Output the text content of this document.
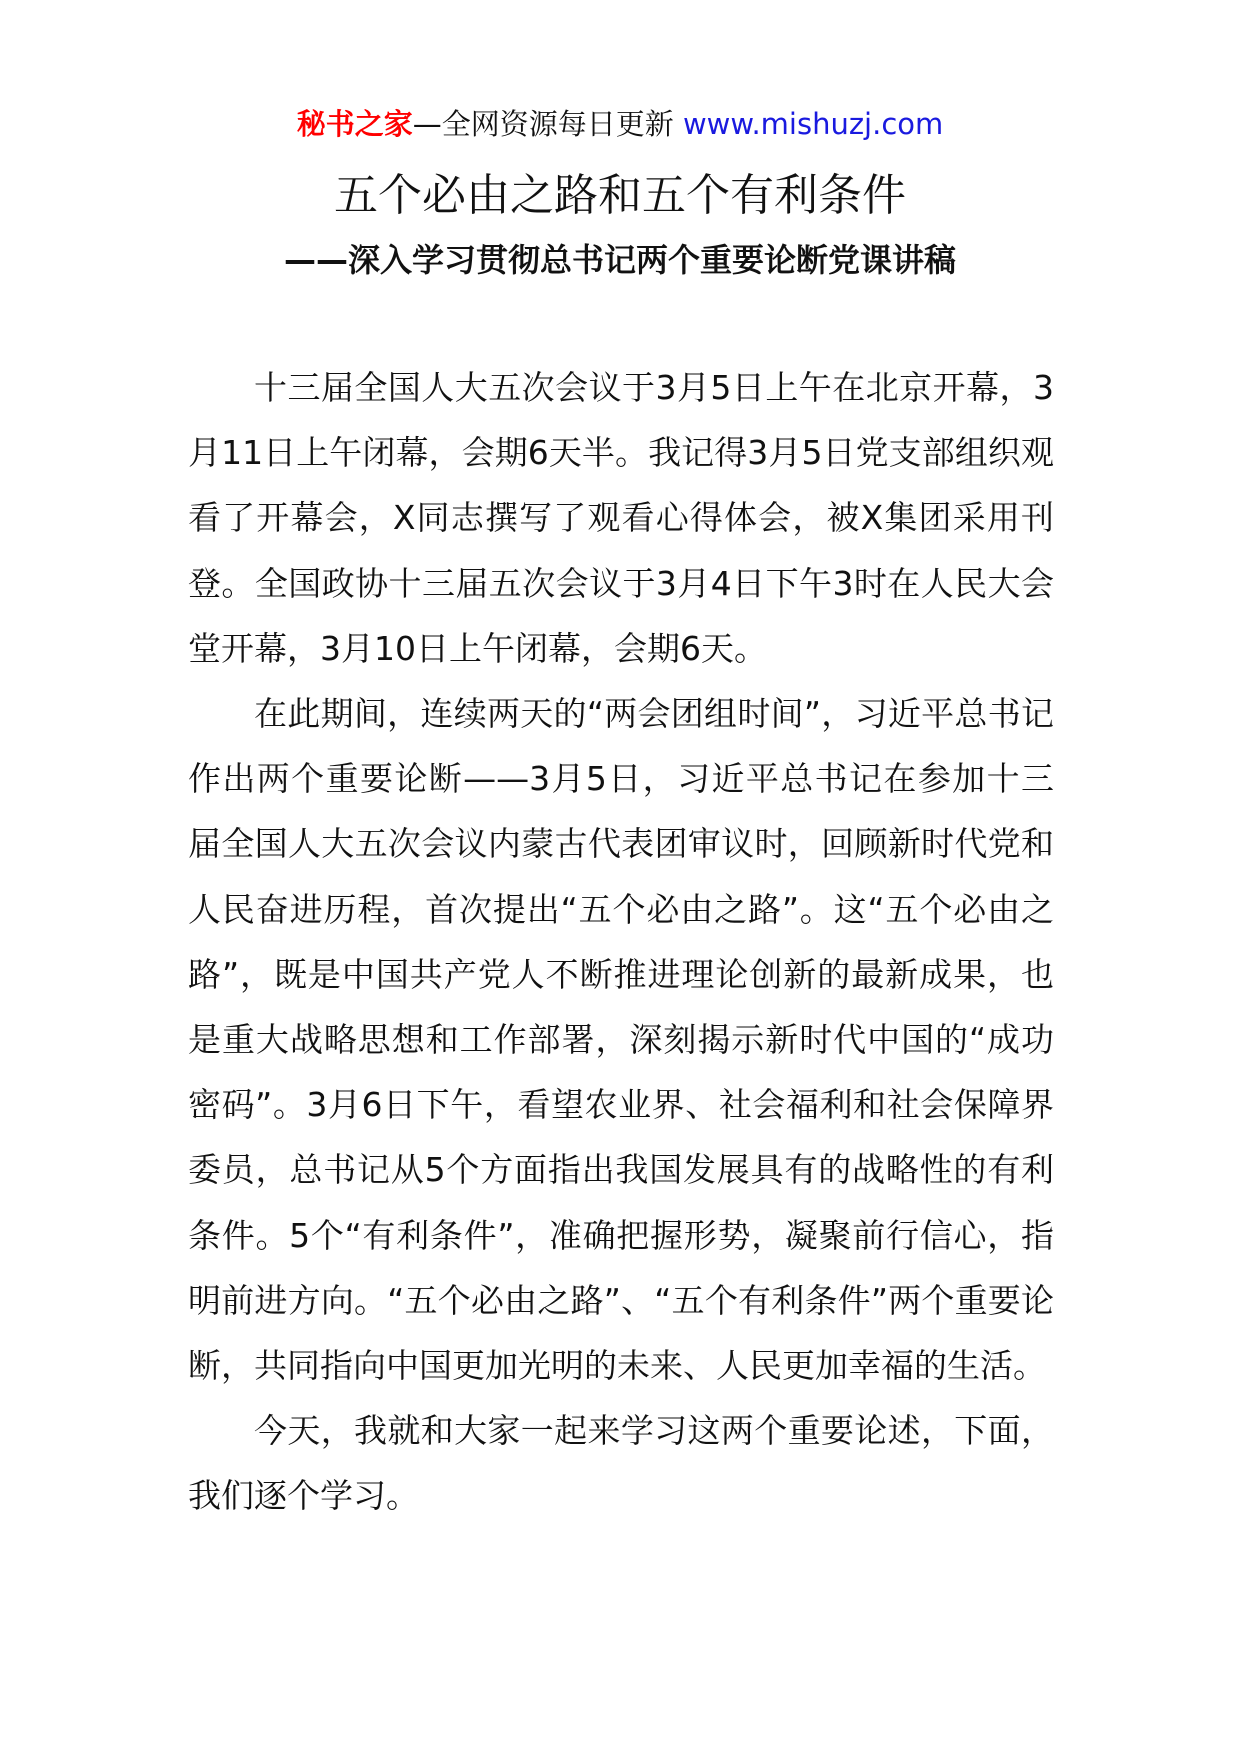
秘书之家—全网资源每日更新 www.mishuzj.com
五个必由之路和五个有利条件
——深入学习贯彻总书记两个重要论断党课讲稿

十三届全国人大五次会议于3月5日上午在北京开幕，3月11日上午闭幕，会期6天半。我记得3月5日党支部组织观看了开幕会，X同志撰写了观看心得体会，被X集团采用刊登。全国政协十三届五次会议于3月4日下午3时在人民大会堂开幕，3月10日上午闭幕，会期6天。

在此期间，连续两天的“两会团组时间”，习近平总书记作出两个重要论断——3月5日，习近平总书记在参加十三届全国人大五次会议内蒙古代表团审议时，回顾新时代党和人民奋进历程，首次提出“五个必由之路”。这“五个必由之路”，既是中国共产党人不断推进理论创新的最新成果，也是重大战略思想和工作部署，深刻揭示新时代中国的“成功密码”。3月6日下午，看望农业界、社会福利和社会保障界委员，总书记从5个方面指出我国发展具有的战略性的有利条件。5个“有利条件”，准确把握形势，凝聚前行信心，指明前进方向。“五个必由之路”、“五个有利条件”两个重要论断，共同指向中国更加光明的未来、人民更加幸福的生活。

今天，我就和大家一起来学习这两个重要论述，下面，我们逐个学习。
